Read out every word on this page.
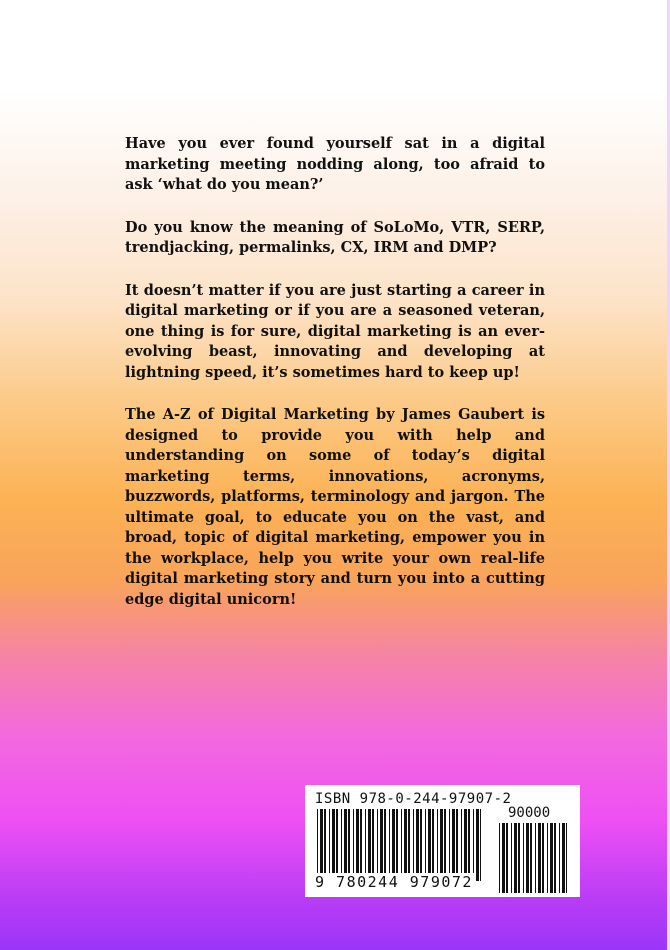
Have you ever found yourself sat in a digital marketing meeting nodding along, too afraid to ask ‘what do you mean?’

Do you know the meaning of SoLoMo, VTR, SERP, trendjacking, permalinks, CX, IRM and DMP?

It doesn’t matter if you are just starting a career in digital marketing or if you are a seasoned veteran, one thing is for sure, digital marketing is an ever-evolving beast, innovating and developing at lightning speed, it’s sometimes hard to keep up!

The A-Z of Digital Marketing by James Gaubert is designed to provide you with help and understanding on some of today’s digital marketing terms, innovations, acronyms, buzzwords, platforms, terminology and jargon. The ultimate goal, to educate you on the vast, and broad, topic of digital marketing, empower you in the workplace, help you write your own real-life digital marketing story and turn you into a cutting edge digital unicorn!

ISBN 978-0-244-97907-2
90000
9 780244 979072
